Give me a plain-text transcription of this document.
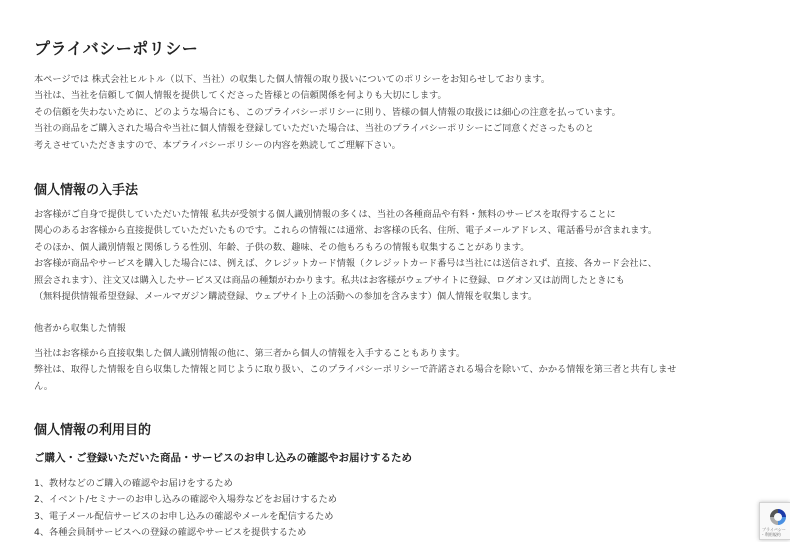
プライバシーポリシー
本ページでは 株式会社ヒルトル（以下、当社）の収集した個人情報の取り扱いについてのポリシーをお知らせしております。
当社は、当社を信頼して個人情報を提供してくださった皆様との信頼関係を何よりも大切にします。
その信頼を失わないために、どのような場合にも、このプライバシーポリシーに則り、皆様の個人情報の取扱には細心の注意を払っています。
当社の商品をご購入された場合や当社に個人情報を登録していただいた場合は、当社のプライバシーポリシーにご同意くださったものと
考えさせていただきますので、本プライバシーポリシーの内容を熟読してご理解下さい。
個人情報の入手法
お客様がご自身で提供していただいた情報 私共が受領する個人識別情報の多くは、当社の各種商品や有料・無料のサービスを取得することに
関心のあるお客様から直接提供していただいたものです。これらの情報には通常、お客様の氏名、住所、電子メールアドレス、電話番号が含まれます。
そのほか、個人識別情報と関係しうる性別、年齢、子供の数、趣味、その他もろもろの情報も収集することがあります。
お客様が商品やサービスを購入した場合には、例えば、クレジットカード情報（クレジットカード番号は当社には送信されず、直接、各カード会社に、
照会されます）、注文又は購入したサービス又は商品の種類がわかります。私共はお客様がウェブサイトに登録、ログオン又は訪問したときにも
（無料提供情報希望登録、メールマガジン購読登録、ウェブサイト上の活動への参加を含みます）個人情報を収集します。

他者から収集した情報

当社はお客様から直接収集した個人識別情報の他に、第三者から個人の情報を入手することもあります。
弊社は、取得した情報を自ら収集した情報と同じように取り扱い、このプライバシーポリシーで許諾される場合を除いて、かかる情報を第三者と共有しませ
ん。
個人情報の利用目的
ご購入・ご登録いただいた商品・サービスのお申し込みの確認やお届けするため
1、教材などのご購入の確認やお届けをするため
2、イベント/セミナーのお申し込みの確認や入場券などをお届けするため
3、電子メール配信サービスのお申し込みの確認やメールを配信するため
4、各種会員制サービスへの登録の確認やサービスを提供するため	プライバシー
- 利用規約
